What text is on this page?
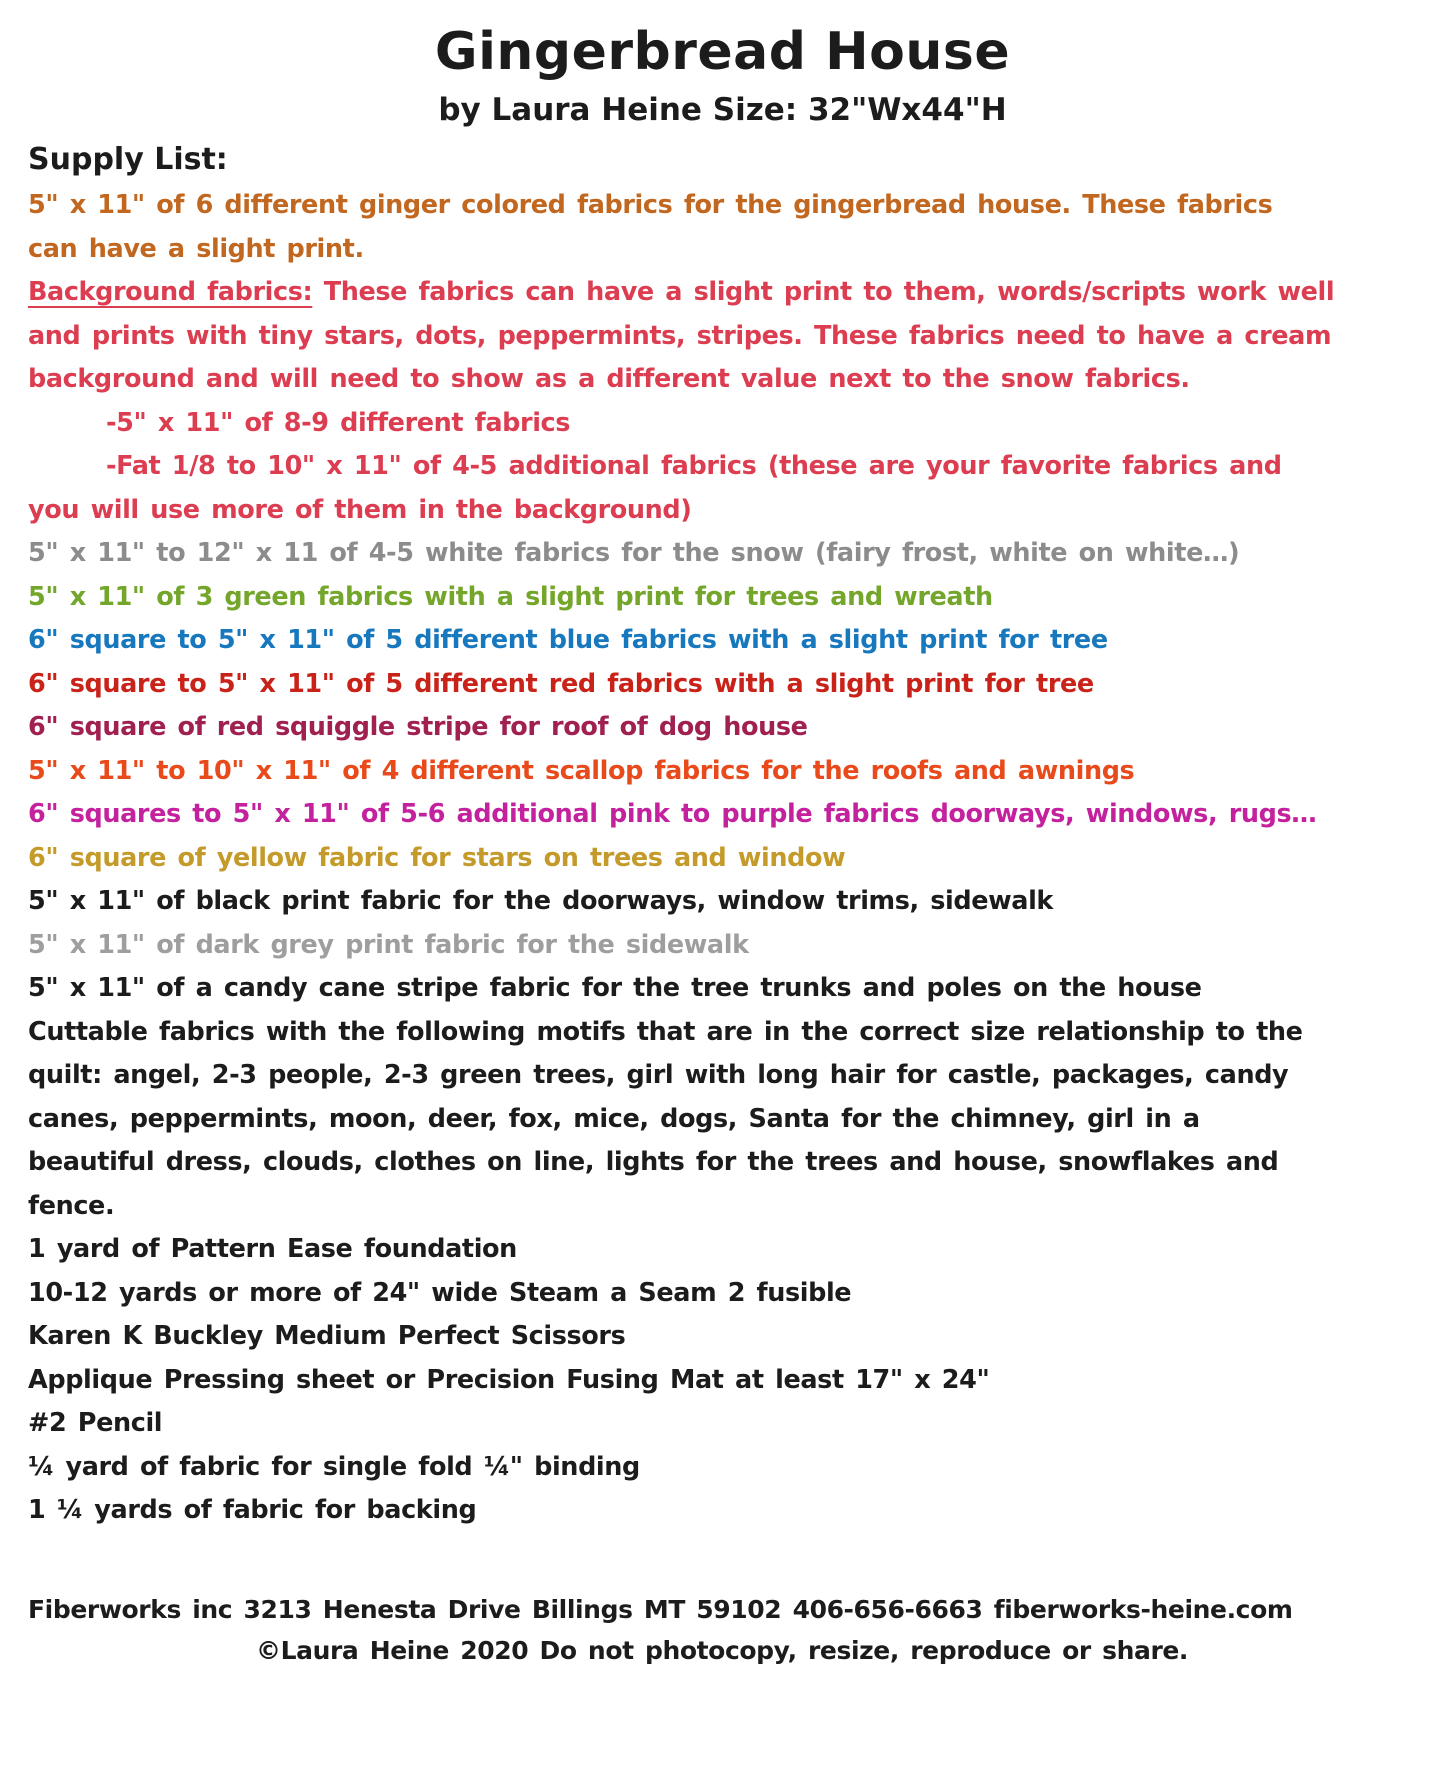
Gingerbread House
by Laura Heine Size: 32"Wx44"H
Supply List:
5" x 11" of 6 different ginger colored fabrics for the gingerbread house. These fabrics
can have a slight print.
Background fabrics: These fabrics can have a slight print to them, words/scripts work well
and prints with tiny stars, dots, peppermints, stripes. These fabrics need to have a cream
background and will need to show as a different value next to the snow fabrics.
-5" x 11" of 8-9 different fabrics
-Fat 1/8 to 10" x 11" of 4-5 additional fabrics (these are your favorite fabrics and
you will use more of them in the background)
5" x 11" to 12" x 11 of 4-5 white fabrics for the snow (fairy frost, white on white…)
5" x 11" of 3 green fabrics with a slight print for trees and wreath
6" square to 5" x 11" of 5 different blue fabrics with a slight print for tree
6" square to 5" x 11" of 5 different red fabrics with a slight print for tree
6" square of red squiggle stripe for roof of dog house
5" x 11" to 10" x 11" of 4 different scallop fabrics for the roofs and awnings
6" squares to 5" x 11" of 5-6 additional pink to purple fabrics doorways, windows, rugs…
6" square of yellow fabric for stars on trees and window
5" x 11" of black print fabric for the doorways, window trims, sidewalk
5" x 11" of dark grey print fabric for the sidewalk
5" x 11" of a candy cane stripe fabric for the tree trunks and poles on the house
Cuttable fabrics with the following motifs that are in the correct size relationship to the
quilt: angel, 2-3 people, 2-3 green trees, girl with long hair for castle, packages, candy
canes, peppermints, moon, deer, fox, mice, dogs, Santa for the chimney, girl in a
beautiful dress, clouds, clothes on line, lights for the trees and house, snowflakes and
fence.
1 yard of Pattern Ease foundation
10-12 yards or more of 24" wide Steam a Seam 2 fusible
Karen K Buckley Medium Perfect Scissors
Applique Pressing sheet or Precision Fusing Mat at least 17" x 24"
#2 Pencil
¼ yard of fabric for single fold ¼" binding
1 ¼ yards of fabric for backing
Fiberworks inc 3213 Henesta Drive Billings MT 59102 406-656-6663 fiberworks-heine.com
©Laura Heine 2020 Do not photocopy, resize, reproduce or share.
